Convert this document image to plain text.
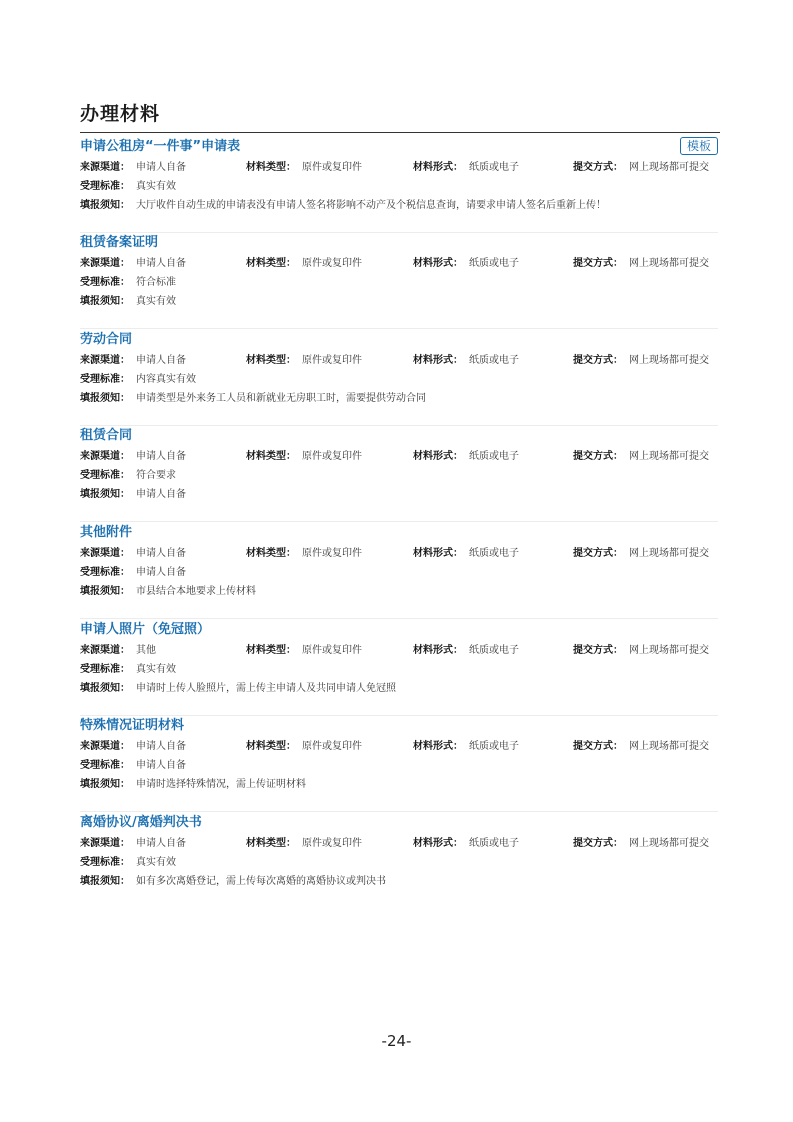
办理材料
申请公租房“一件事”申请表	模板
来源渠道： 申请人自备	材料类型： 原件或复印件	材料形式： 纸质或电子	提交方式： 网上现场都可提交
受理标准： 真实有效
填报须知： 大厅收件自动生成的申请表没有申请人签名将影响不动产及个税信息查询，请要求申请人签名后重新上传！
租赁备案证明
来源渠道： 申请人自备	材料类型： 原件或复印件	材料形式： 纸质或电子	提交方式： 网上现场都可提交
受理标准： 符合标准
填报须知： 真实有效
劳动合同
来源渠道： 申请人自备	材料类型： 原件或复印件	材料形式： 纸质或电子	提交方式： 网上现场都可提交
受理标准： 内容真实有效
填报须知： 申请类型是外来务工人员和新就业无房职工时，需要提供劳动合同
租赁合同
来源渠道： 申请人自备	材料类型： 原件或复印件	材料形式： 纸质或电子	提交方式： 网上现场都可提交
受理标准： 符合要求
填报须知： 申请人自备
其他附件
来源渠道： 申请人自备	材料类型： 原件或复印件	材料形式： 纸质或电子	提交方式： 网上现场都可提交
受理标准： 申请人自备
填报须知： 市县结合本地要求上传材料
申请人照片（免冠照）
来源渠道： 其他	材料类型： 原件或复印件	材料形式： 纸质或电子	提交方式： 网上现场都可提交
受理标准： 真实有效
填报须知： 申请时上传人脸照片，需上传主申请人及共同申请人免冠照
特殊情况证明材料
来源渠道： 申请人自备	材料类型： 原件或复印件	材料形式： 纸质或电子	提交方式： 网上现场都可提交
受理标准： 申请人自备
填报须知： 申请时选择特殊情况，需上传证明材料
离婚协议/离婚判决书
来源渠道： 申请人自备	材料类型： 原件或复印件	材料形式： 纸质或电子	提交方式： 网上现场都可提交
受理标准： 真实有效
填报须知： 如有多次离婚登记，需上传每次离婚的离婚协议或判决书
-24-
